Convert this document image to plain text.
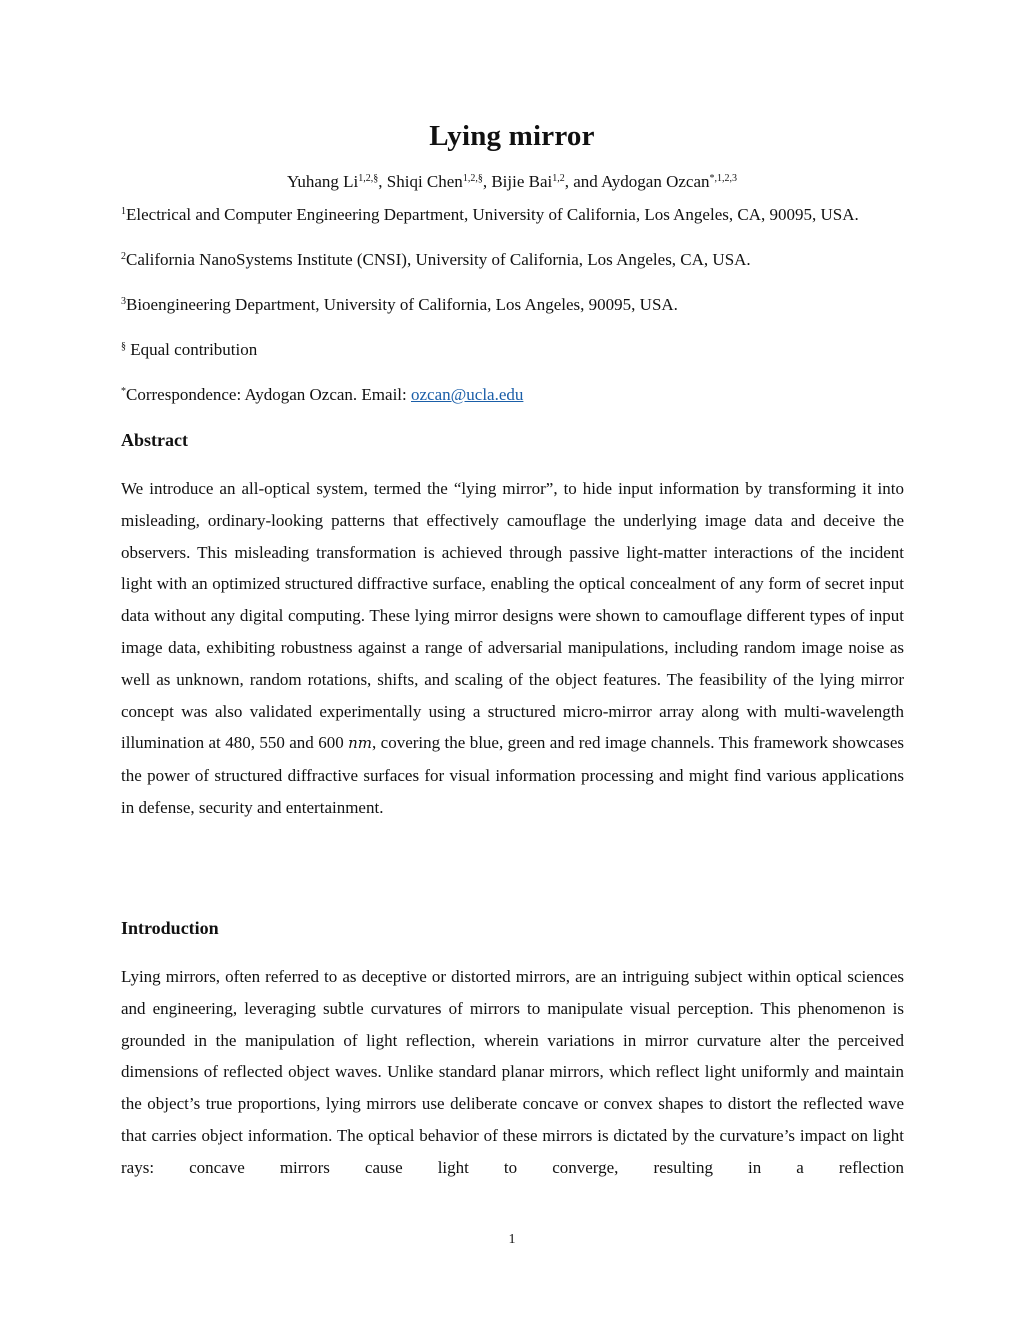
Lying mirror

Yuhang $Li^{1,2,\S}$, Shiqi Chen$^{1,2,\S}$, Bijie Bai$^{1,2}$, and Aydogan Ozcan$^{*,1,2,3}$

$^1$Electrical and Computer Engineering Department, University of California, Los Angeles, CA, 90095, USA.

$^2$California NanoSystems Institute (CNSI), University of California, Los Angeles, CA, USA.

$^3$Bioengineering Department, University of California, Los Angeles, 90095, USA.

§ Equal contribution

*Correspondence: Aydogan Ozcan. Email: ozcan@ucla.edu

Abstract

We introduce an all-optical system, termed the “lying mirror”, to hide input information by transforming it into misleading, ordinary-looking patterns that effectively camouflage the underlying image data and deceive the observers. This misleading transformation is achieved through passive light-matter interactions of the incident light with an optimized structured diffractive surface, enabling the optical concealment of any form of secret input data without any digital computing. These lying mirror designs were shown to camouflage different types of input image data, exhibiting robustness against a range of adversarial manipulations, including random image noise as well as unknown, random rotations, shifts, and scaling of the object features. The feasibility of the lying mirror concept was also validated experimentally using a structured micro-mirror array along with multi-wavelength illumination at 480, 550 and 600 nm, covering the blue, green and red image channels. This framework showcases the power of structured diffractive surfaces for visual information processing and might find various applications in defense, security and entertainment.

Introduction

Lying mirrors, often referred to as deceptive or distorted mirrors, are an intriguing subject within optical sciences and engineering, leveraging subtle curvatures of mirrors to manipulate visual perception. This phenomenon is grounded in the manipulation of light reflection, wherein variations in mirror curvature alter the perceived dimensions of reflected object waves. Unlike standard planar mirrors, which reflect light uniformly and maintain the object’s true proportions, lying mirrors use deliberate concave or convex shapes to distort the reflected wave that carries object information. The optical behavior of these mirrors is dictated by the curvature’s impact on light rays: concave mirrors cause light to converge, resulting in a reflection

1
